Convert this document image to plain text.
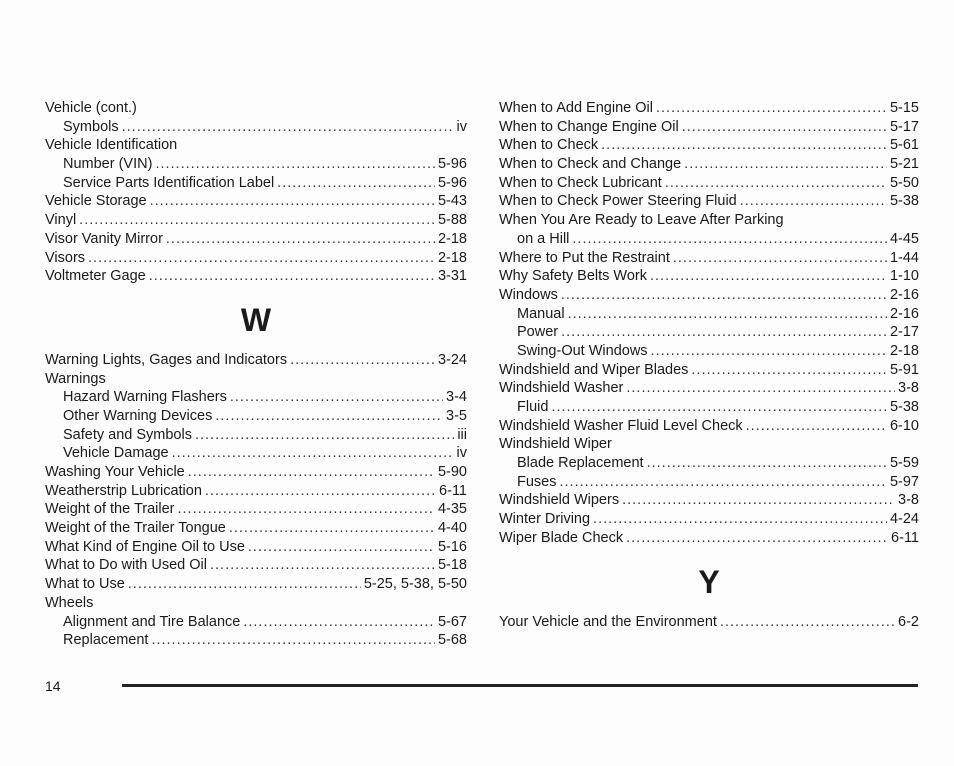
Vehicle (cont.)
Symbols .....	iv
Vehicle Identification
Number (VIN) .....	5-96
Service Parts Identification Label .....	5-96
Vehicle Storage .....	5-43
Vinyl .....	5-88
Visor Vanity Mirror .....	2-18
Visors .....	2-18
Voltmeter Gage .....	3-31
W
Warning Lights, Gages and Indicators .....	3-24
Warnings
Hazard Warning Flashers .....	3-4
Other Warning Devices .....	3-5
Safety and Symbols .....	iii
Vehicle Damage .....	iv
Washing Your Vehicle .....	5-90
Weatherstrip Lubrication .....	6-11
Weight of the Trailer .....	4-35
Weight of the Trailer Tongue .....	4-40
What Kind of Engine Oil to Use .....	5-16
What to Do with Used Oil .....	5-18
What to Use .....	5-25, 5-38, 5-50
Wheels
Alignment and Tire Balance .....	5-67
Replacement .....	5-68
When to Add Engine Oil .....	5-15
When to Change Engine Oil .....	5-17
When to Check .....	5-61
When to Check and Change .....	5-21
When to Check Lubricant .....	5-50
When to Check Power Steering Fluid .....	5-38
When You Are Ready to Leave After Parking
on a Hill .....	4-45
Where to Put the Restraint .....	1-44
Why Safety Belts Work .....	1-10
Windows .....	2-16
Manual .....	2-16
Power .....	2-17
Swing-Out Windows .....	2-18
Windshield and Wiper Blades .....	5-91
Windshield Washer .....	3-8
Fluid .....	5-38
Windshield Washer Fluid Level Check .....	6-10
Windshield Wiper
Blade Replacement .....	5-59
Fuses .....	5-97
Windshield Wipers .....	3-8
Winter Driving .....	4-24
Wiper Blade Check .....	6-11
Y
Your Vehicle and the Environment .....	6-2
14
